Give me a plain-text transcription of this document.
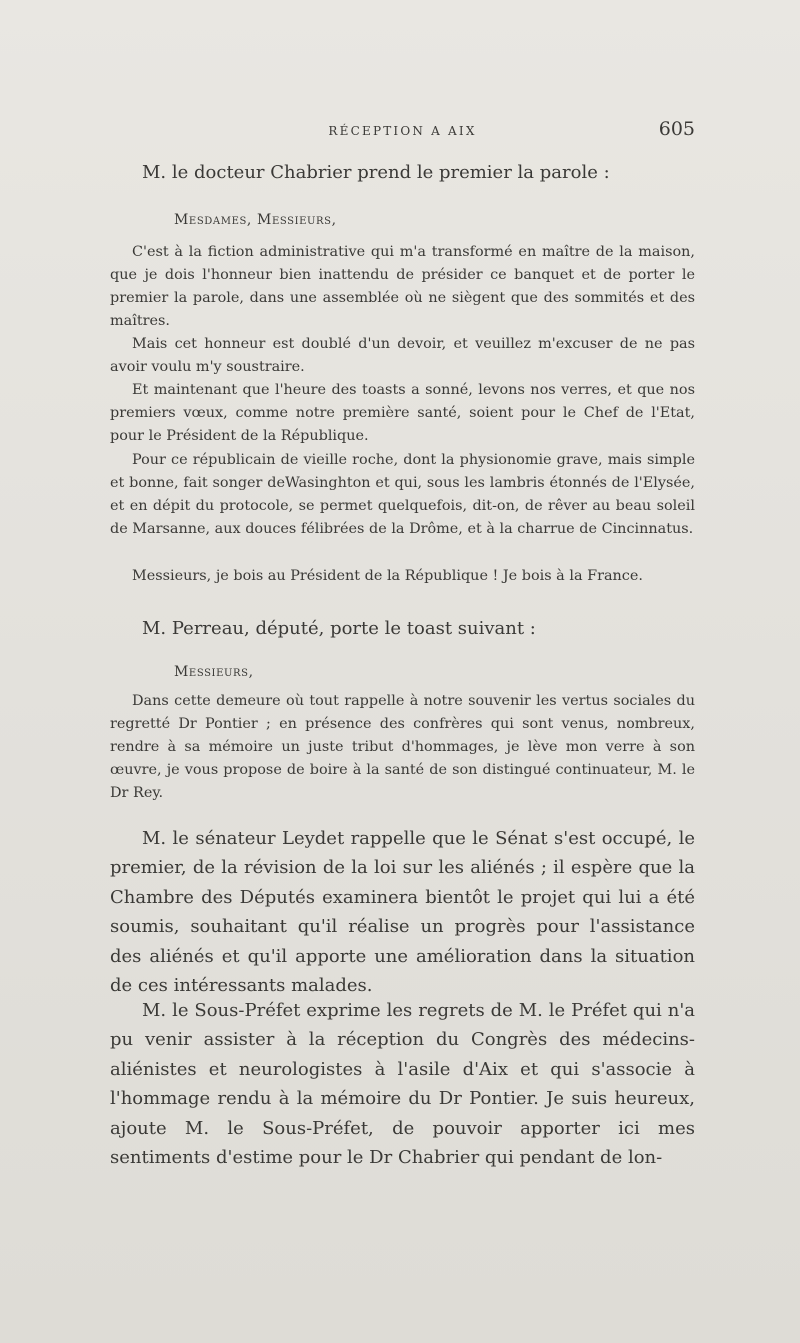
RÉCEPTION A AIX	605

M. le docteur Chabrier prend le premier la parole :

Mesdames, Messieurs,

C'est à la fiction administrative qui m'a transformé en maître de la maison, que je dois l'honneur bien inattendu de présider ce banquet et de porter le premier la parole, dans une assemblée où ne siègent que des sommités et des maîtres.

Mais cet honneur est doublé d'un devoir, et veuillez m'excuser de ne pas avoir voulu m'y soustraire.

Et maintenant que l'heure des toasts a sonné, levons nos verres, et que nos premiers vœux, comme notre première santé, soient pour le Chef de l'Etat, pour le Président de la République.

Pour ce républicain de vieille roche, dont la physionomie grave, mais simple et bonne, fait songer deWasinghton et qui, sous les lambris étonnés de l'Elysée, et en dépit du protocole, se permet quelquefois, dit-on, de rêver au beau soleil de Marsanne, aux douces félibrées de la Drôme, et à la charrue de Cincinnatus.

Messieurs, je bois au Président de la République ! Je bois à la France.

M. Perreau, député, porte le toast suivant :

Messieurs,

Dans cette demeure où tout rappelle à notre souvenir les vertus sociales du regretté Dr Pontier ; en présence des confrères qui sont venus, nombreux, rendre à sa mémoire un juste tribut d'hommages, je lève mon verre à son œuvre, je vous propose de boire à la santé de son distingué continuateur, M. le Dr Rey.

M. le sénateur Leydet rappelle que le Sénat s'est occupé, le premier, de la révision de la loi sur les aliénés ; il espère que la Chambre des Députés examinera bientôt le projet qui lui a été soumis, souhaitant qu'il réalise un progrès pour l'assistance des aliénés et qu'il apporte une amélioration dans la situation de ces intéressants malades.

M. le Sous-Préfet exprime les regrets de M. le Préfet qui n'a pu venir assister à la réception du Congrès des médecins-aliénistes et neurologistes à l'asile d'Aix et qui s'associe à l'hommage rendu à la mémoire du Dr Pontier. Je suis heureux, ajoute M. le Sous-Préfet, de pouvoir apporter ici mes sentiments d'estime pour le Dr Chabrier qui pendant de lon-
